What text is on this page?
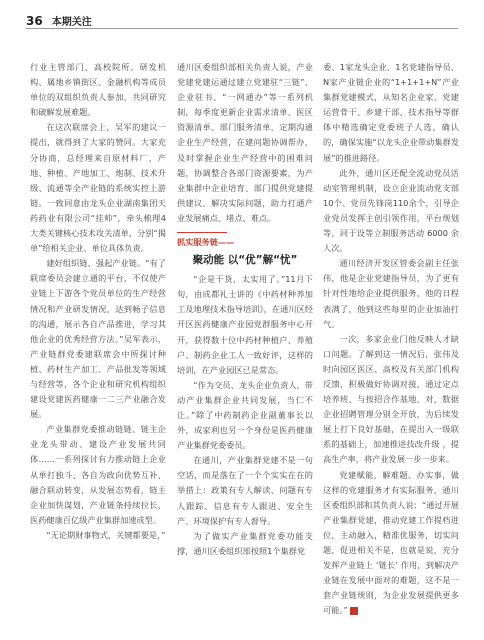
36 本期关注

行业主管部门、高校院所、研发机构、属地乡镇街区、金融机构等成员单位的双组织负责人参加，共同研究和破解发展难题。

在这次联席会上，吴军的建议一提出，就得到了大家的赞同。大家充分协商，总经理来自原材料厂、产地、种植、产地加工、炮制、技术升级、流通等全产业链的系统实控上游链。一致同意由龙头企业湖南集团天药药业有限公司“挂帅”，牵头梳理4大类关键核心技术攻关清单，分别“揭单”给相关企业、单位具体负责。

建好组织链、强起产业链。“有了联席委员会建立通的平台，不仅使产业链上下游各个党员单位的生产经营情况和产业研发情况，达到畅子信息的沟通，展示各自产品推进，学习其他企业的优秀经营方法。”吴军表示，产业链群党委建联席会中所探讨种植、药材生产加工、产品批发等领域与经营等，各个企业和研究机构组织建设党建医药健康一二三产业融合发展。

产业集群党委推动链链、链主企业龙头带动、建设产业发展共同体……一系列探讨有力推动链上企业从单打独斗、各自为政向优势互补、融合联动转变，从发展态势看，链主企业加快谋划，产业链条持续拉长，医药健康百亿级产业集群加速成型。

“无论期财事物式，关键都要是，”

通川区委组织部相关负责人说，产业党建党建运通过建立党建驻“三链”、企业驻书、“一网通办”等一系列机制，每季度更新企业需求清单、医区资源清单、部门服务清单，定期沟通企业生产经营，在建问题协调帮办，及时掌握企业生产经营中的困难问题，协调整合各部门资源要素，为产业集群中企业培育、部门提供党建提供建议、解决实际问题，助力打通产业发展痛点、堵点、难点。

抓实服务链——
聚动能 以“优”解“忧”

“企是干货，太实用了。”11月下旬，由成都礼士讲的《中药材种养加工及地理技术指导培训》，在通川区经开区医药健康产业园党群服务中心开开，获得数十位中药材种植户、养殖户、制药企业工人一致好评，这样的培训，在产业园区已是常态。

“作为交员、龙头企业负责人，带动产业集群企业共同发展，当仁不让。”除了中药制药企业副董事长以外，成家利也另一个身份是医药健康产业集群党委委员。

在通川，产业集群党建不是一句空话，而是落在了一个个实实在在的举措上：政策有专人解读、问题有专人跟踪、信息有专人跟进、安全生产、环境保护有专人督导。

为了做实产业集群党委功能支撑，通川区委组织部按照1个集群党

委、1家龙头企业、1名党建指导员、N家产业链企业的“1+1+1+N”产业集群党建模式，从知名企业家、党建运营骨干、乡建干部、技术指导等群体中精选确定党委班子人选，确认的，确保实施“以龙头企业带动集群发展”的推进路径。

此外，通川区还配全流动党员活动室管理机制，设立企业流动党支部10个、党员先锋岗110余个，引导企业党员发挥主创引领作用，平台规划等，同于设等立制服务活动 6000 余人次。

通川经济开发区管委会副主任张伟，他是企业党建指导员，为了更有针对性地给企业提供服务，他的日程表满了，他到这些每里的企业加油打气。

一次，多家企业门他反映人才缺口问题。了解到这一情况后，张伟及时向园区医区、高校及有关部门机构反馈，积极做好协调对接，通过定点培养班、与按招合作基地，对，数据企业招聘管理分别全开放，为后续发展上打下良好基础，在提出入一级联系的基础上，加速推进技改升级 ，提高生产率，将产业发展一步一步来。

党建赋能，解难题、办实事，做这样的党建服务才有实际服务，通川区委组织部和其负责人说：“通过开展产业集群党建，推动党建工作提档进位，主动融入，精准优服务，切实问题，促进相关不是，也就是说，充分发挥产业链上 ‘链长’ 作用，到解决产业链在发展中面对的难题，这不是一套产业链规则，为企业发展提供更多可能。”	■
